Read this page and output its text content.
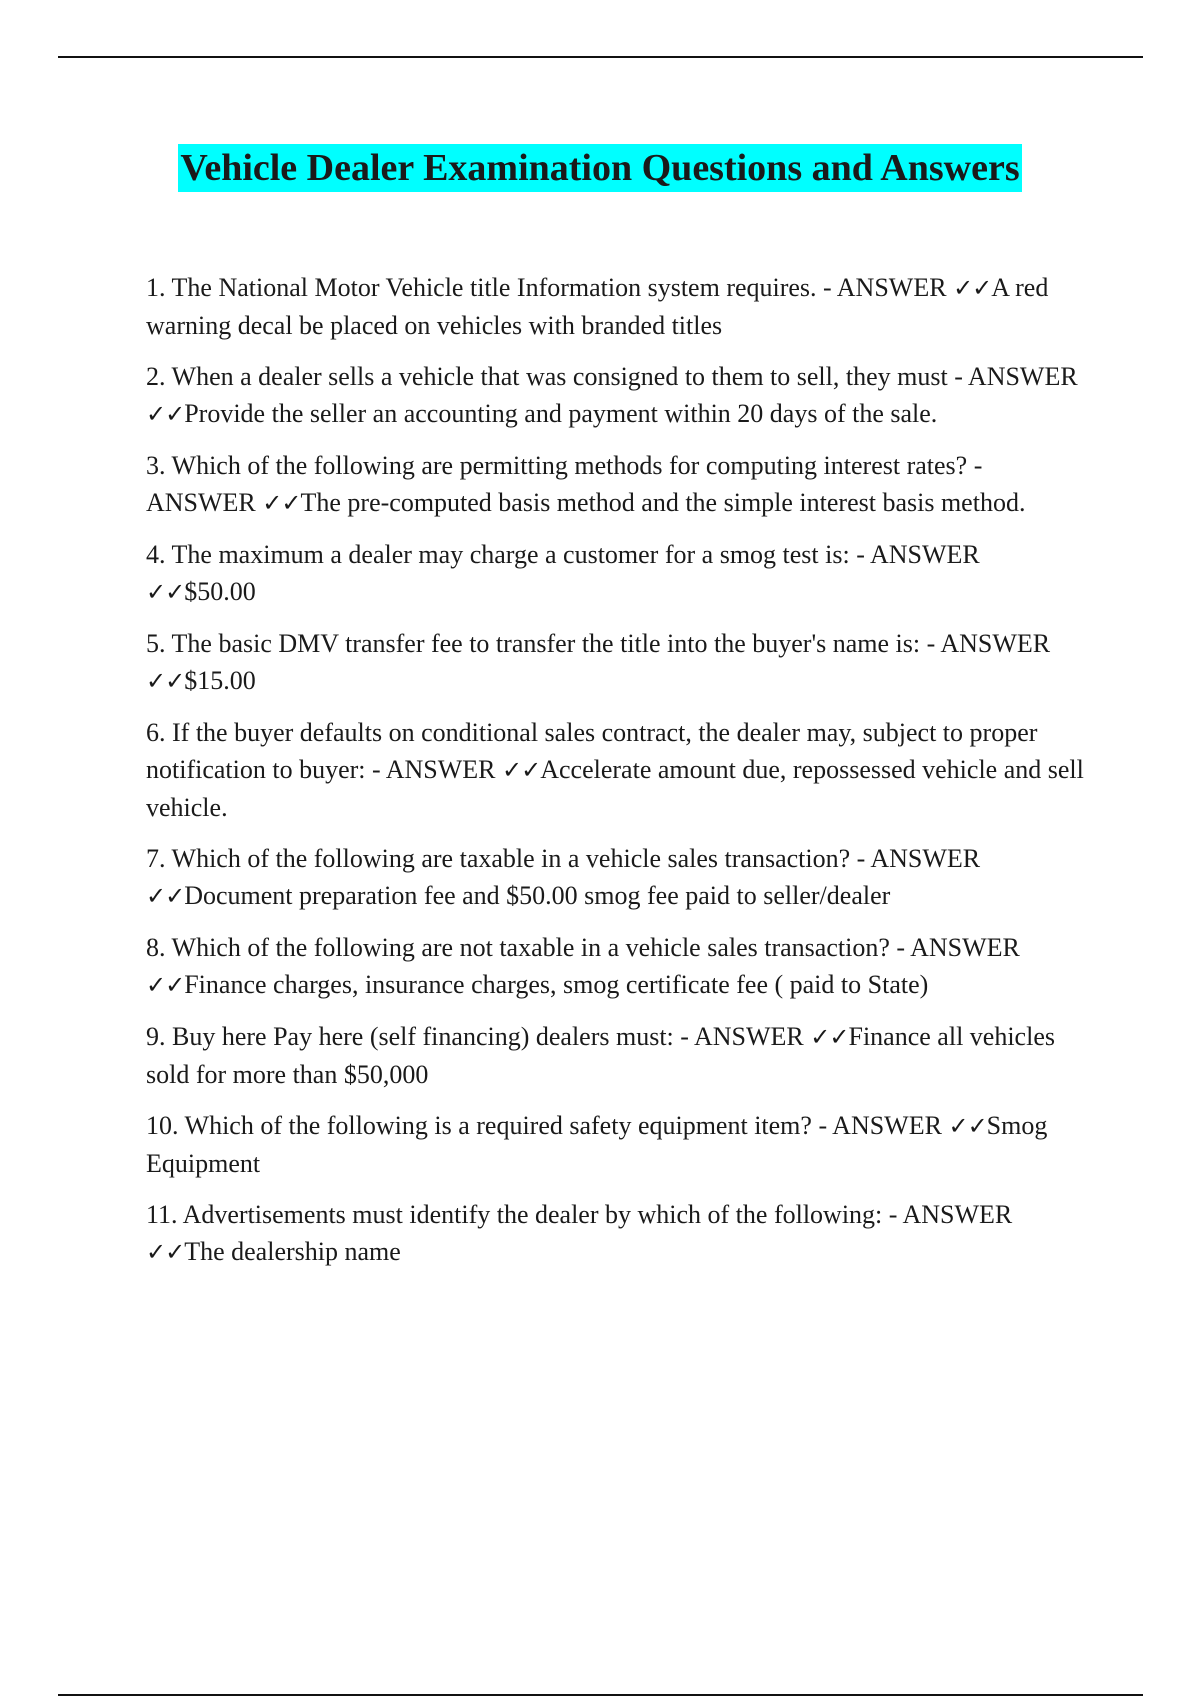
Vehicle Dealer Examination Questions and Answers

1. The National Motor Vehicle title Information system requires. - ANSWER ✓✓A red warning decal be placed on vehicles with branded titles

2. When a dealer sells a vehicle that was consigned to them to sell, they must - ANSWER ✓✓Provide the seller an accounting and payment within 20 days of the sale.

3. Which of the following are permitting methods for computing interest rates? - ANSWER ✓✓The pre-computed basis method and the simple interest basis method.

4. The maximum a dealer may charge a customer for a smog test is: - ANSWER ✓✓$50.00

5. The basic DMV transfer fee to transfer the title into the buyer's name is: - ANSWER ✓✓$15.00

6. If the buyer defaults on conditional sales contract, the dealer may, subject to proper notification to buyer: - ANSWER ✓✓Accelerate amount due, repossessed vehicle and sell vehicle.

7. Which of the following are taxable in a vehicle sales transaction? - ANSWER ✓✓Document preparation fee and $50.00 smog fee paid to seller/dealer

8. Which of the following are not taxable in a vehicle sales transaction? - ANSWER ✓✓Finance charges, insurance charges, smog certificate fee ( paid to State)

9. Buy here Pay here (self financing) dealers must: - ANSWER ✓✓Finance all vehicles sold for more than $50,000

10. Which of the following is a required safety equipment item? - ANSWER ✓✓Smog Equipment

11. Advertisements must identify the dealer by which of the following: - ANSWER ✓✓The dealership name
